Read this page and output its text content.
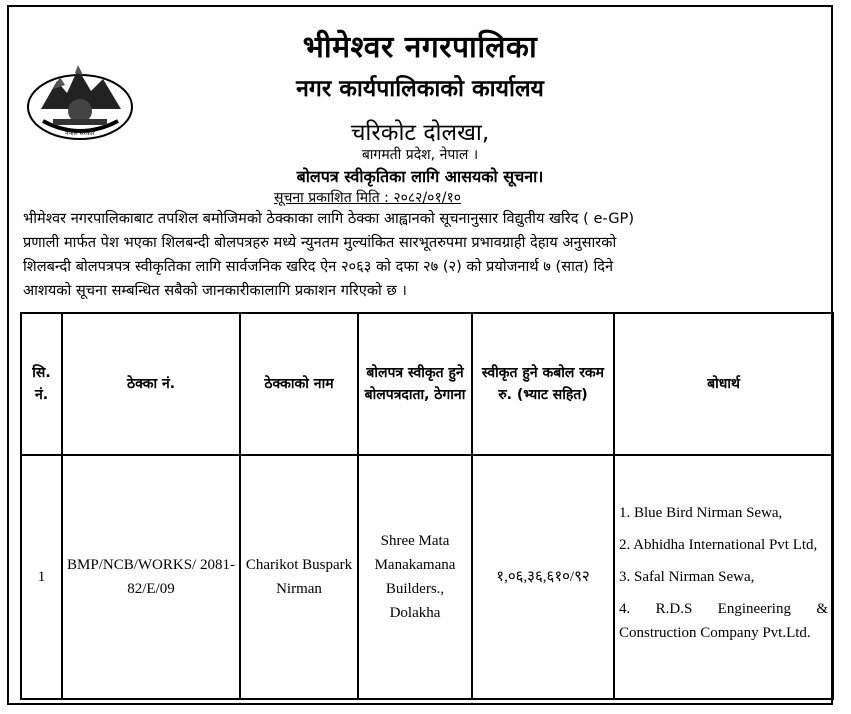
नेपाल सरकार
भीमेश्वर नगरपालिका
नगर कार्यपालिकाको कार्यालय
चरिकोट दोलखा,
बागमती प्रदेश, नेपाल ।
बोलपत्र स्वीकृतिका लागि आसयको सूचना।
सूचना प्रकाशित मिति : २०८२/०१/१०
भीमेश्वर नगरपालिकाबाट तपशिल बमोजिमको ठेक्काका लागि ठेक्का आह्वानको सूचनानुसार विद्युतीय खरिद ( e-GP)
प्रणाली मार्फत पेश भएका शिलबन्दी बोलपत्रहरु मध्ये न्युनतम मुल्यांकित सारभूतरुपमा प्रभावग्राही देहाय अनुसारको
शिलबन्दी बोलपत्रपत्र स्वीकृतिका लागि सार्वजनिक खरिद ऐन २०६३ को दफा २७ (२) को प्रयोजनार्थ ७ (सात) दिने
आशयको सूचना सम्बन्धित सबैको जानकारीकालागि प्रकाशन गरिएको छ ।
सि. नं.	ठेक्का नं.	ठेक्काको नाम	बोलपत्र स्वीकृत हुने बोलपत्रदाता, ठेगाना	स्वीकृत हुने कबोल रकम रु. (भ्याट सहित)	बोधार्थ
1	BMP/NCB/WORKS/ 2081-82/E/09	Charikot Buspark Nirman	Shree Mata Manakamana Builders., Dolakha	१,०६,३६,६१०/९२	1. Blue Bird Nirman Sewa,
2. Abhidha International Pvt Ltd,
3. Safal Nirman Sewa,
4. R.D.S Engineering & Construction Company Pvt.Ltd.
